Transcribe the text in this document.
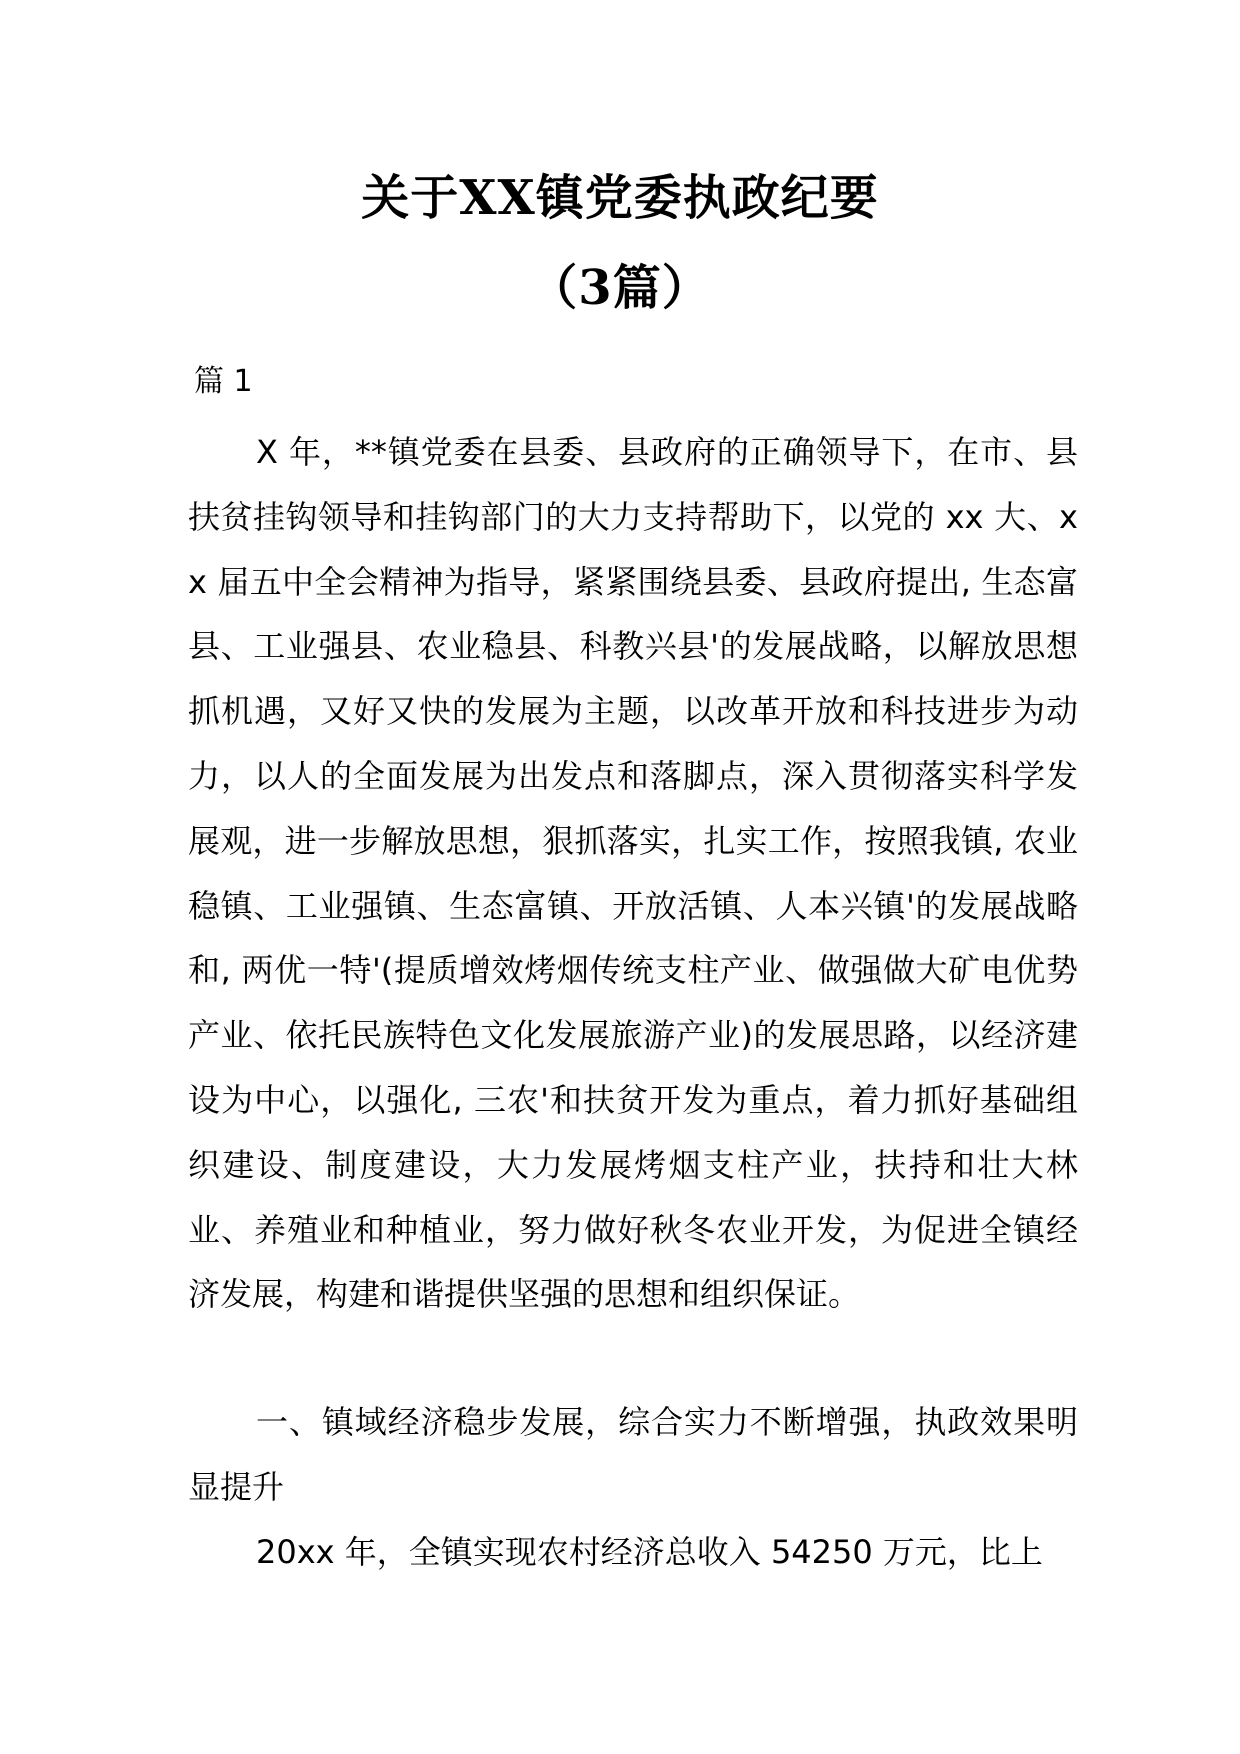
关于XX镇党委执政纪要
（3篇）
篇 1

X 年，**镇党委在县委、县政府的正确领导下，在市、县扶贫挂钩领导和挂钩部门的大力支持帮助下，以党的 xx 大、xx 届五中全会精神为指导，紧紧围绕县委、县政府提出, 生态富县、工业强县、农业稳县、科教兴县'的发展战略，以解放思想抓机遇，又好又快的发展为主题，以改革开放和科技进步为动力，以人的全面发展为出发点和落脚点，深入贯彻落实科学发展观，进一步解放思想，狠抓落实，扎实工作，按照我镇, 农业稳镇、工业强镇、生态富镇、开放活镇、人本兴镇'的发展战略和, 两优一特'(提质增效烤烟传统支柱产业、做强做大矿电优势产业、依托民族特色文化发展旅游产业)的发展思路，以经济建设为中心，以强化, 三农'和扶贫开发为重点，着力抓好基础组织建设、制度建设，大力发展烤烟支柱产业，扶持和壮大林业、养殖业和种植业，努力做好秋冬农业开发，为促进全镇经济发展，构建和谐提供坚强的思想和组织保证。

一、镇域经济稳步发展，综合实力不断增强，执政效果明显提升

20xx 年，全镇实现农村经济总收入 54250 万元，比上
